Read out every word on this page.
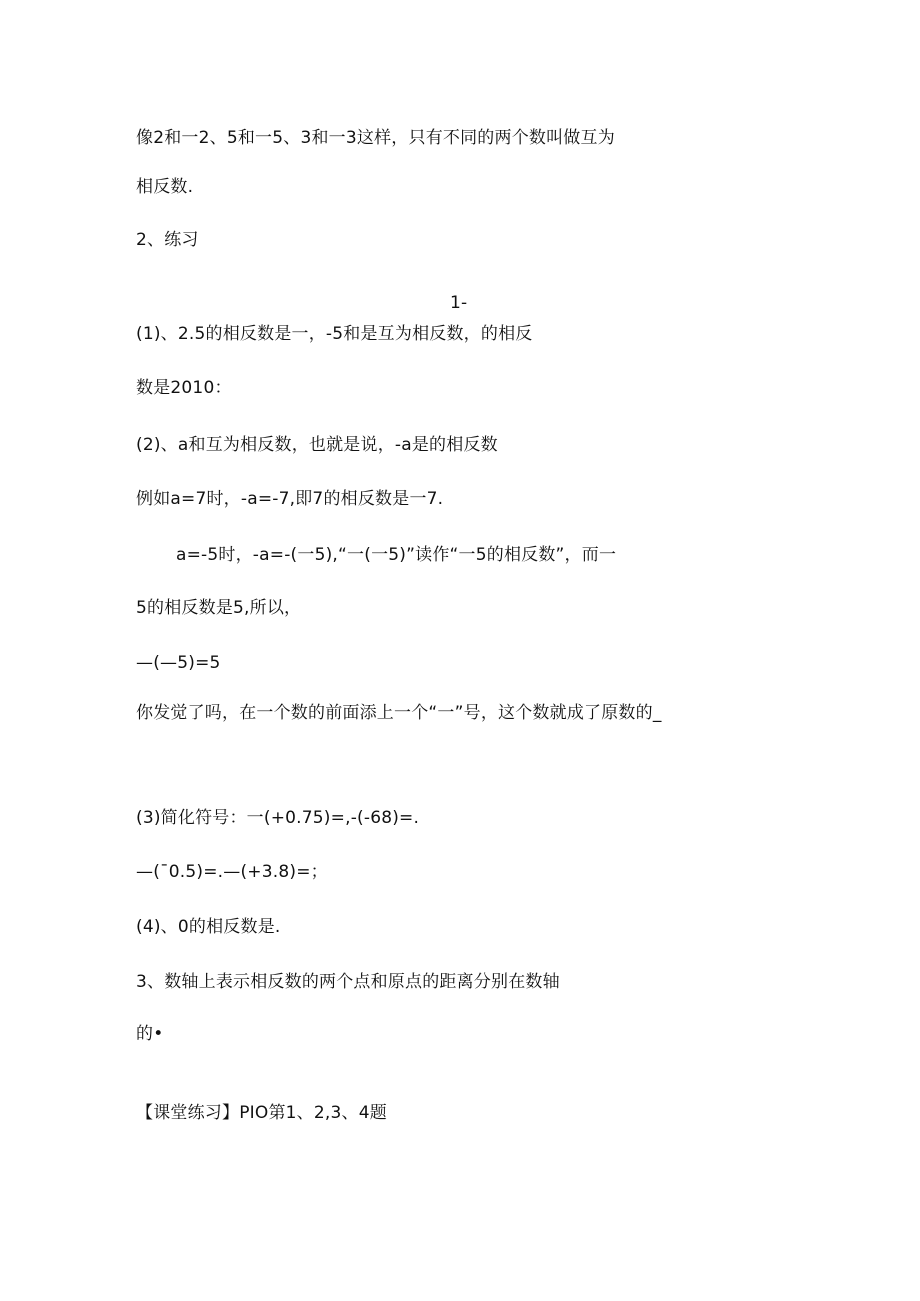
像2和一2、5和一5、3和一3这样，只有不同的两个数叫做互为
相反数.
2、练习
1-
(1)、2.5的相反数是一，-5和是互为相反数，的相反
数是2010：
(2)、a和互为相反数，也就是说，-a是的相反数
例如a=7时，-a=-7,即7的相反数是一7.
a=-5时，-a=-(一5),“一(一5)”读作“一5的相反数”，而一
5的相反数是5,所以，
—(—5)=5
你发觉了吗，在一个数的前面添上一个“一”号，这个数就成了原数的_
(3)简化符号：一(+0.75)=,-(-68)=.
—(¯0.5)=.—(+3.8)=；
(4)、0的相反数是.
3、数轴上表示相反数的两个点和原点的距离分别在数轴
的•
【课堂练习】PIO第1、2,3、4题
